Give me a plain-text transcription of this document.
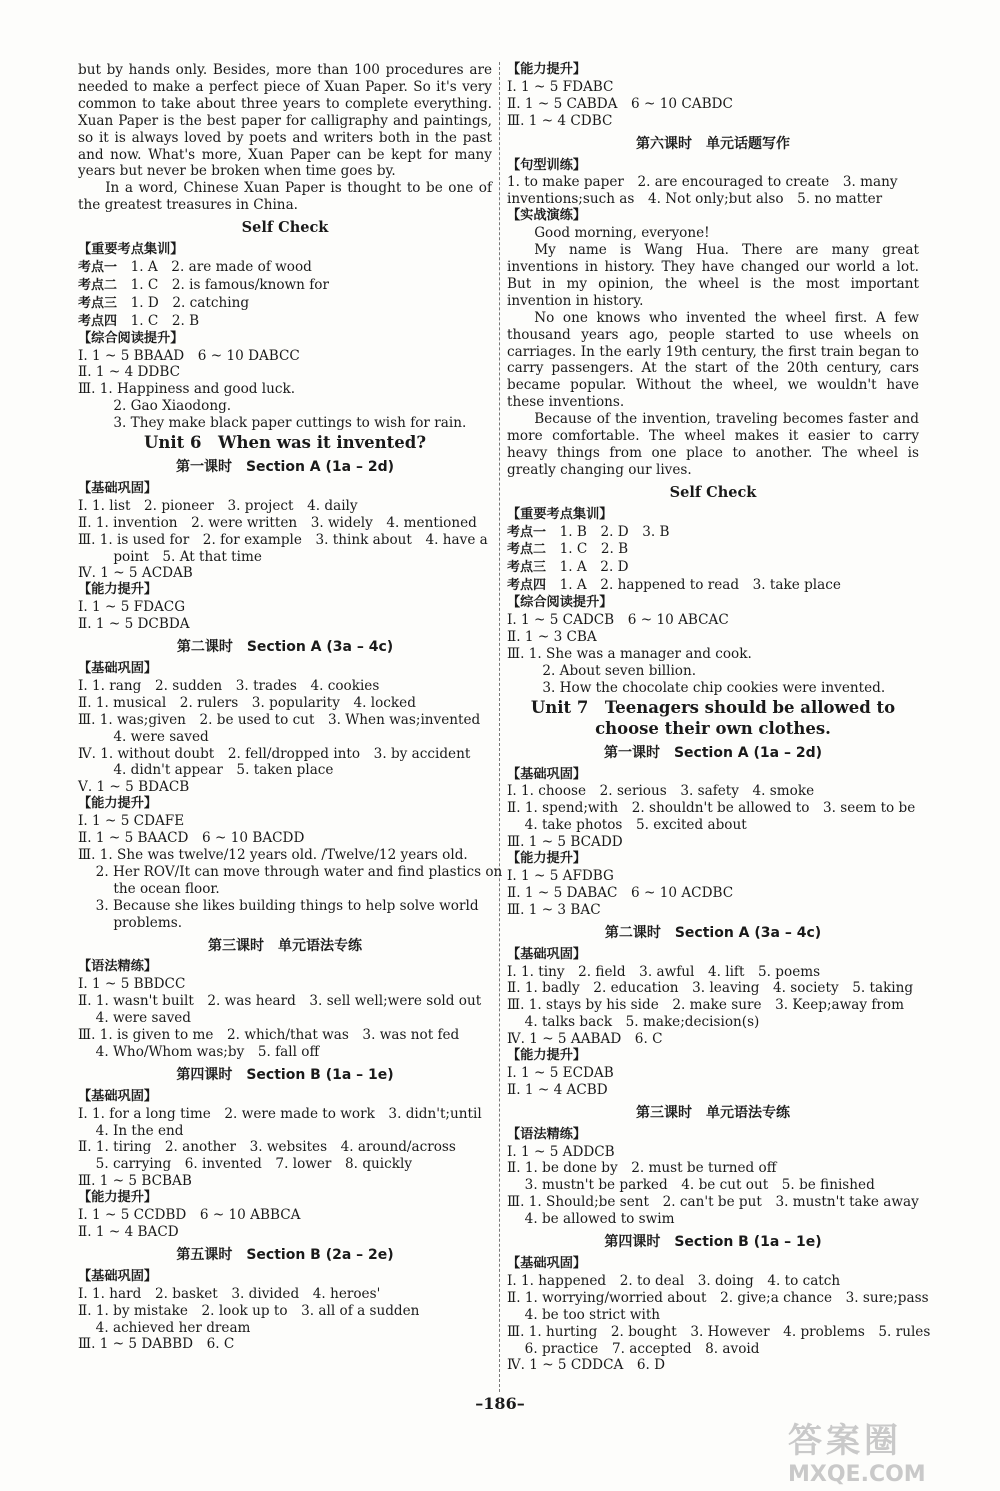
but by hands only. Besides, more than 100 procedures are needed to make a perfect piece of Xuan Paper. So it's very common to take about three years to complete everything. Xuan Paper is the best paper for calligraphy and paintings, so it is always loved by poets and writers both in the past and now. What's more, Xuan Paper can be kept for many years but never be broken when time goes by.
In a word, Chinese Xuan Paper is thought to be one of the greatest treasures in China.
Self Check
【重要考点集训】
考点一　 1. A　2. are made of wood
考点二　 1. C　2. is famous/known for
考点三　 1. D　2. catching
考点四　 1. C　2. B
【综合阅读提升】
Ⅰ. 1 ~ 5 BBAAD　6 ~ 10 DABCC
Ⅱ. 1 ~ 4 DDBC
Ⅲ. 1. Happiness and good luck.
2. Gao Xiaodong.
3. They make black paper cuttings to wish for rain.
Unit 6　When was it invented?
第一课时　Section A (1a – 2d)
【基础巩固】
Ⅰ. 1. list　2. pioneer　3. project　4. daily
Ⅱ. 1. invention　2. were written　3. widely　4. mentioned
Ⅲ. 1. is used for　2. for example　3. think about　4. have a
point　5. At that time
Ⅳ. 1 ~ 5 ACDAB
【能力提升】
Ⅰ. 1 ~ 5 FDACG
Ⅱ. 1 ~ 5 DCBDA
第二课时　Section A (3a – 4c)
【基础巩固】
Ⅰ. 1. rang　2. sudden　3. trades　4. cookies
Ⅱ. 1. musical　2. rulers　3. popularity　4. locked
Ⅲ. 1. was;given　2. be used to cut　3. When was;invented
4. were saved
Ⅳ. 1. without doubt　2. fell/dropped into　3. by accident
4. didn't appear　5. taken place
Ⅴ. 1 ~ 5 BDACB
【能力提升】
Ⅰ. 1 ~ 5 CDAFE
Ⅱ. 1 ~ 5 BAACD　6 ~ 10 BACDD
Ⅲ. 1. She was twelve/12 years old. /Twelve/12 years old.
2. Her ROV/It can move through water and find plastics on
the ocean floor.
3. Because she likes building things to help solve world
problems.
第三课时　单元语法专练
【语法精练】
Ⅰ. 1 ~ 5 BBDCC
Ⅱ. 1. wasn't built　2. was heard　3. sell well;were sold out
4. were saved
Ⅲ. 1. is given to me　2. which/that was　3. was not fed
4. Who/Whom was;by　5. fall off
第四课时　Section B (1a – 1e)
【基础巩固】
Ⅰ. 1. for a long time　2. were made to work　3. didn't;until
4. In the end
Ⅱ. 1. tiring　2. another　3. websites　4. around/across
5. carrying　6. invented　7. lower　8. quickly
Ⅲ. 1 ~ 5 BCBAB
【能力提升】
Ⅰ. 1 ~ 5 CCDBD　6 ~ 10 ABBCA
Ⅱ. 1 ~ 4 BACD
第五课时　Section B (2a – 2e)
【基础巩固】
Ⅰ. 1. hard　2. basket　3. divided　4. heroes'
Ⅱ. 1. by mistake　2. look up to　3. all of a sudden
4. achieved her dream
Ⅲ. 1 ~ 5 DABBD　6. C
【能力提升】
Ⅰ. 1 ~ 5 FDABC
Ⅱ. 1 ~ 5 CABDA　6 ~ 10 CABDC
Ⅲ. 1 ~ 4 CDBC
第六课时　单元话题写作
【句型训练】
1. to make paper　2. are encouraged to create　3. many
inventions;such as　4. Not only;but also　5. no matter
【实战演练】
Good morning, everyone!
My name is Wang Hua. There are many great inventions in history. They have changed our world a lot. But in my opinion, the wheel is the most important invention in history.
No one knows who invented the wheel first. A few thousand years ago, people started to use wheels on carriages. In the early 19th century, the first train began to carry passengers. At the start of the 20th century, cars became popular. Without the wheel, we wouldn't have these inventions.
Because of the invention, traveling becomes faster and more comfortable. The wheel makes it easier to carry heavy things from one place to another. The wheel is greatly changing our lives.
Self Check
【重要考点集训】
考点一　 1. B　2. D　3. B
考点二　 1. C　2. B
考点三　 1. A　2. D
考点四　 1. A　2. happened to read　3. take place
【综合阅读提升】
Ⅰ. 1 ~ 5 CADCB　6 ~ 10 ABCAC
Ⅱ. 1 ~ 3 CBA
Ⅲ. 1. She was a manager and cook.
2. About seven billion.
3. How the chocolate chip cookies were invented.
Unit 7　Teenagers should be allowed to
choose their own clothes.
第一课时　Section A (1a – 2d)
【基础巩固】
Ⅰ. 1. choose　2. serious　3. safety　4. smoke
Ⅱ. 1. spend;with　2. shouldn't be allowed to　3. seem to be
4. take photos　5. excited about
Ⅲ. 1 ~ 5 BCADD
【能力提升】
Ⅰ. 1 ~ 5 AFDBG
Ⅱ. 1 ~ 5 DABAC　6 ~ 10 ACDBC
Ⅲ. 1 ~ 3 BAC
第二课时　Section A (3a – 4c)
【基础巩固】
Ⅰ. 1. tiny　2. field　3. awful　4. lift　5. poems
Ⅱ. 1. badly　2. education　3. leaving　4. society　5. taking
Ⅲ. 1. stays by his side　2. make sure　3. Keep;away from
4. talks back　5. make;decision(s)
Ⅳ. 1 ~ 5 AABAD　6. C
【能力提升】
Ⅰ. 1 ~ 5 ECDAB
Ⅱ. 1 ~ 4 ACBD
第三课时　单元语法专练
【语法精练】
Ⅰ. 1 ~ 5 ADDCB
Ⅱ. 1. be done by　2. must be turned off
3. mustn't be parked　4. be cut out　5. be finished
Ⅲ. 1. Should;be sent　2. can't be put　3. mustn't take away
4. be allowed to swim
第四课时　Section B (1a – 1e)
【基础巩固】
Ⅰ. 1. happened　2. to deal　3. doing　4. to catch
Ⅱ. 1. worrying/worried about　2. give;a chance　3. sure;pass
4. be too strict with
Ⅲ. 1. hurting　2. bought　3. However　4. problems　5. rules
6. practice　7. accepted　8. avoid
Ⅳ. 1 ~ 5 CDDCA　6. D
–186–
答案圈
MXQE.COM
